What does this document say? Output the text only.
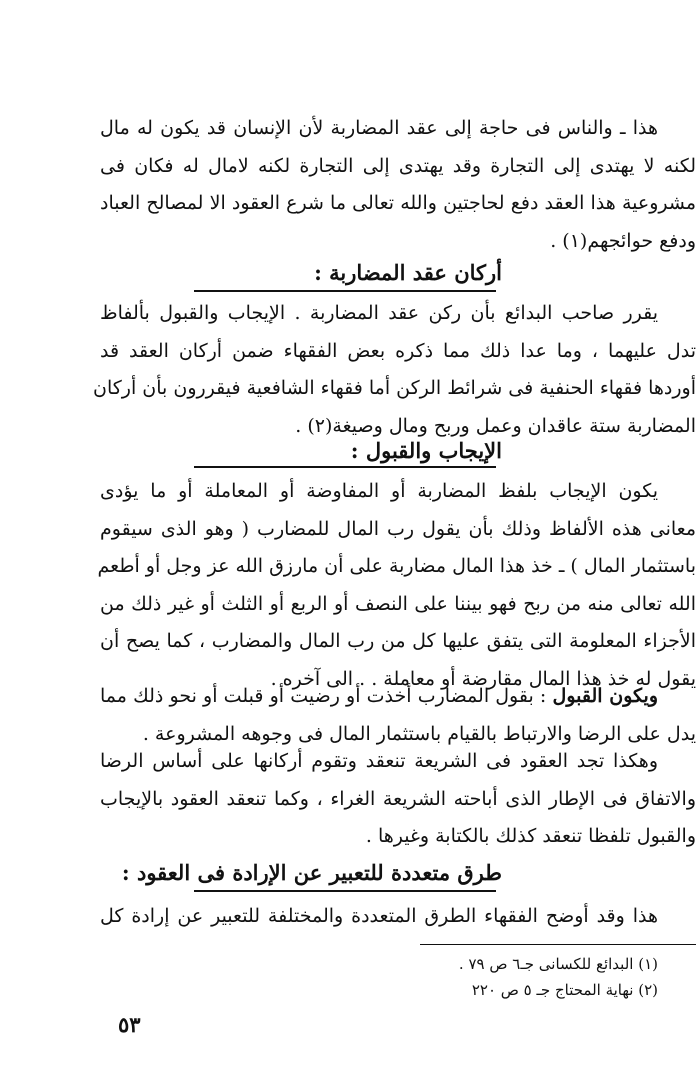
هذا ـ والناس فى حاجة إلى عقد المضاربة لأن الإنسان قد يكون له مال
لكنه لا يهتدى إلى التجارة وقد يهتدى إلى التجارة لكنه لامال له فكان فى
مشروعية هذا العقد دفع لحاجتين والله تعالى ما شرع العقود الا لمصالح العباد
ودفع حوائجهم(١) .
أركان عقد المضاربة :
يقرر صاحب البدائع بأن ركن عقد المضاربة . الإيجاب والقبول بألفاظ
تدل عليهما ، وما عدا ذلك مما ذكره بعض الفقهاء ضمن أركان العقد قد
أوردها فقهاء الحنفية فى شرائط الركن أما فقهاء الشافعية فيقررون بأن أركان
المضاربة ستة عاقدان وعمل وربح ومال وصيغة(٢) .
الإيجاب والقبول :
يكون الإيجاب بلفظ المضاربة أو المفاوضة أو المعاملة أو ما يؤدى
معانى هذه الألفاظ وذلك بأن يقول رب المال للمضارب ( وهو الذى سيقوم
باستثمار المال ) ـ خذ هذا المال مضاربة على أن مارزق الله عز وجل أو أطعم
الله تعالى منه من ربح فهو بيننا على النصف أو الربع أو الثلث أو غير ذلك من
الأجزاء المعلومة التى يتفق عليها كل من رب المال والمضارب ، كما يصح أن
يقول له خذ هذا المال مقارضة أو معاملة . . الى آخره .
ويكون القبول : بقول المضارب أخذت أو رضيت أو قبلت أو نحو ذلك مما
يدل على الرضا والارتباط بالقيام باستثمار المال فى وجوهه المشروعة .
وهكذا تجد العقود فى الشريعة تنعقد وتقوم أركانها على أساس الرضا
والاتفاق فى الإطار الذى أباحته الشريعة الغراء ، وكما تنعقد العقود بالإيجاب
والقبول تلفظا تنعقد كذلك بالكتابة وغيرها .
طرق متعددة للتعبير عن الإرادة فى العقود :
هذا وقد أوضح الفقهاء الطرق المتعددة والمختلفة للتعبير عن إرادة كل
(١) البدائع للكسانى جـ٦ ص ٧٩ .
(٢) نهاية المحتاج جـ ٥ ص ٢٢٠
٥٣
